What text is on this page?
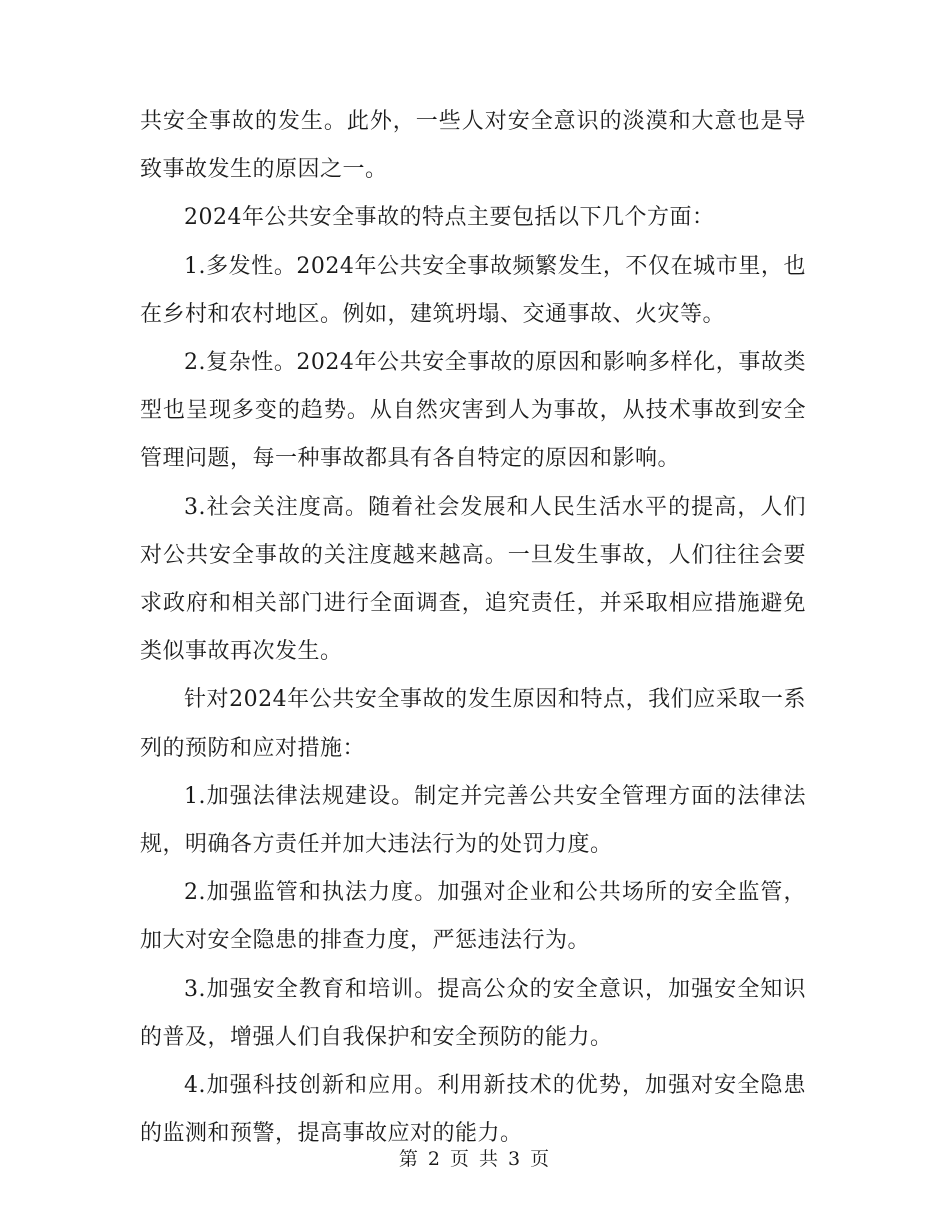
共安全事故的发生。此外，一些人对安全意识的淡漠和大意也是导致事故发生的原因之一。

2024年公共安全事故的特点主要包括以下几个方面：

1.多发性。2024年公共安全事故频繁发生，不仅在城市里，也在乡村和农村地区。例如，建筑坍塌、交通事故、火灾等。

2.复杂性。2024年公共安全事故的原因和影响多样化，事故类型也呈现多变的趋势。从自然灾害到人为事故，从技术事故到安全管理问题，每一种事故都具有各自特定的原因和影响。

3.社会关注度高。随着社会发展和人民生活水平的提高，人们对公共安全事故的关注度越来越高。一旦发生事故，人们往往会要求政府和相关部门进行全面调查，追究责任，并采取相应措施避免类似事故再次发生。

针对2024年公共安全事故的发生原因和特点，我们应采取一系列的预防和应对措施：

1.加强法律法规建设。制定并完善公共安全管理方面的法律法规，明确各方责任并加大违法行为的处罚力度。

2.加强监管和执法力度。加强对企业和公共场所的安全监管，加大对安全隐患的排查力度，严惩违法行为。

3.加强安全教育和培训。提高公众的安全意识，加强安全知识的普及，增强人们自我保护和安全预防的能力。

4.加强科技创新和应用。利用新技术的优势，加强对安全隐患的监测和预警，提高事故应对的能力。

第 2 页 共 3 页
